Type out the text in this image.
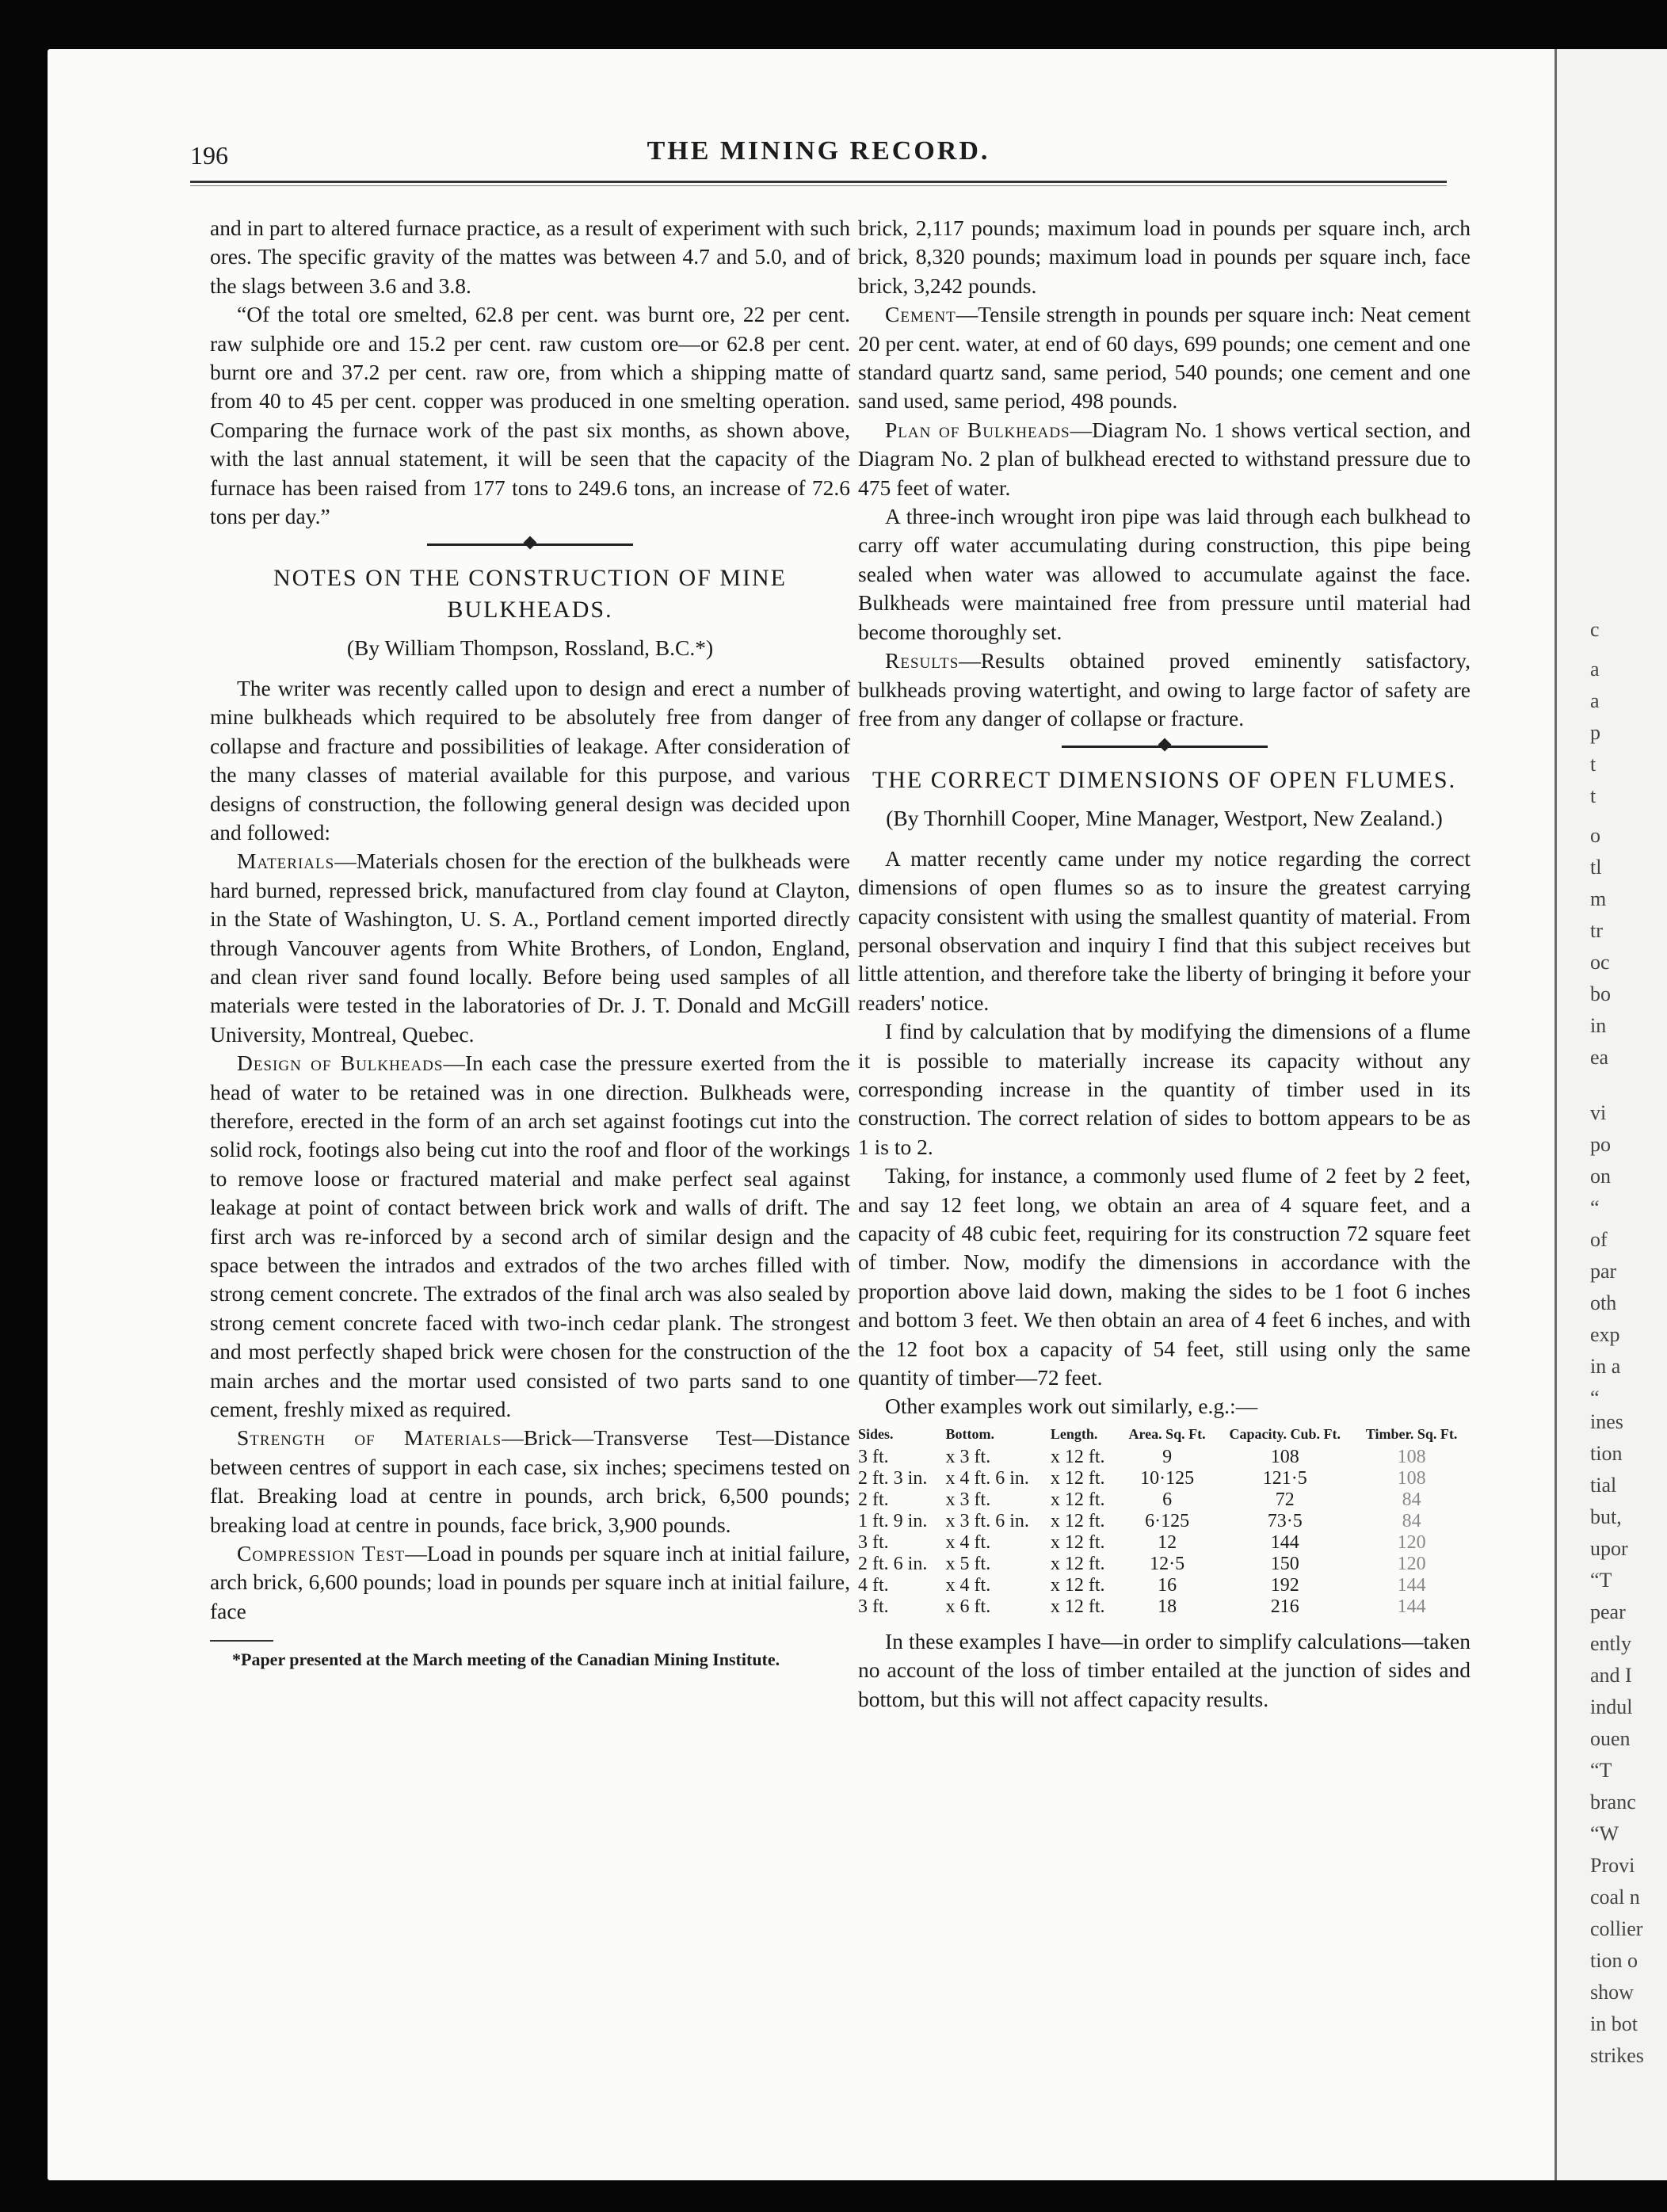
c
a
a
p
t
t
o
tl
m
tr
oc
bo
in
ea
vi
po
on
“
of
par
oth
exp
in a
“
ines
tion
tial
but,
upor
“T
pear
ently
and I
indul
ouen
“T
branc
“W
Provi
coal n
collier
tion o
show
in bot
strikes
196	THE MINING RECORD.

and in part to altered furnace practice, as a result of experiment with such ores. The specific gravity of the mattes was between 4.7 and 5.0, and of the slags between 3.6 and 3.8.

“Of the total ore smelted, 62.8 per cent. was burnt ore, 22 per cent. raw sulphide ore and 15.2 per cent. raw custom ore—or 62.8 per cent. burnt ore and 37.2 per cent. raw ore, from which a shipping matte of from 40 to 45 per cent. copper was produced in one smelting operation. Comparing the furnace work of the past six months, as shown above, with the last annual statement, it will be seen that the capacity of the furnace has been raised from 177 tons to 249.6 tons, an increase of 72.6 tons per day.”

NOTES ON THE CONSTRUCTION OF MINE BULKHEADS.
(By William Thompson, Rossland, B.C.*)

The writer was recently called upon to design and erect a number of mine bulkheads which required to be absolutely free from danger of collapse and fracture and possibilities of leakage. After consideration of the many classes of material available for this purpose, and various designs of construction, the following general design was decided upon and followed:

Materials—Materials chosen for the erection of the bulkheads were hard burned, repressed brick, manufactured from clay found at Clayton, in the State of Washington, U. S. A., Portland cement imported directly through Vancouver agents from White Brothers, of London, England, and clean river sand found locally. Before being used samples of all materials were tested in the laboratories of Dr. J. T. Donald and McGill University, Montreal, Quebec.

Design of Bulkheads—In each case the pressure exerted from the head of water to be retained was in one direction. Bulkheads were, therefore, erected in the form of an arch set against footings cut into the solid rock, footings also being cut into the roof and floor of the workings to remove loose or fractured material and make perfect seal against leakage at point of contact between brick work and walls of drift. The first arch was re-inforced by a second arch of similar design and the space between the intrados and extrados of the two arches filled with strong cement concrete. The extrados of the final arch was also sealed by strong cement concrete faced with two-inch cedar plank. The strongest and most perfectly shaped brick were chosen for the construction of the main arches and the mortar used consisted of two parts sand to one cement, freshly mixed as required.

Strength of Materials—Brick—Transverse Test—Distance between centres of support in each case, six inches; specimens tested on flat. Breaking load at centre in pounds, arch brick, 6,500 pounds; breaking load at centre in pounds, face brick, 3,900 pounds.

Compression Test—Load in pounds per square inch at initial failure, arch brick, 6,600 pounds; load in pounds per square inch at initial failure, face

*Paper presented at the March meeting of the Canadian Mining Institute.

brick, 2,117 pounds; maximum load in pounds per square inch, arch brick, 8,320 pounds; maximum load in pounds per square inch, face brick, 3,242 pounds.

Cement—Tensile strength in pounds per square inch: Neat cement 20 per cent. water, at end of 60 days, 699 pounds; one cement and one standard quartz sand, same period, 540 pounds; one cement and one sand used, same period, 498 pounds.

Plan of Bulkheads—Diagram No. 1 shows vertical section, and Diagram No. 2 plan of bulkhead erected to withstand pressure due to 475 feet of water.

A three-inch wrought iron pipe was laid through each bulkhead to carry off water accumulating during construction, this pipe being sealed when water was allowed to accumulate against the face. Bulkheads were maintained free from pressure until material had become thoroughly set.

Results—Results obtained proved eminently satisfactory, bulkheads proving watertight, and owing to large factor of safety are free from any danger of collapse or fracture.

THE CORRECT DIMENSIONS OF OPEN FLUMES.
(By Thornhill Cooper, Mine Manager, Westport, New Zealand.)

A matter recently came under my notice regarding the correct dimensions of open flumes so as to insure the greatest carrying capacity consistent with using the smallest quantity of material. From personal observation and inquiry I find that this subject receives but little attention, and therefore take the liberty of bringing it before your readers' notice.

I find by calculation that by modifying the dimensions of a flume it is possible to materially increase its capacity without any corresponding increase in the quantity of timber used in its construction. The correct relation of sides to bottom appears to be as 1 is to 2.

Taking, for instance, a commonly used flume of 2 feet by 2 feet, and say 12 feet long, we obtain an area of 4 square feet, and a capacity of 48 cubic feet, requiring for its construction 72 square feet of timber. Now, modify the dimensions in accordance with the proportion above laid down, making the sides to be 1 foot 6 inches and bottom 3 feet. We then obtain an area of 4 feet 6 inches, and with the 12 foot box a capacity of 54 feet, still using only the same quantity of timber—72 feet.

Other examples work out similarly, e.g.:—

Sides.	Bottom.	Length.	Area. Sq. Ft.	Capacity. Cub. Ft.	Timber. Sq. Ft.
3 ft.	x 3 ft.	x 12 ft.	9	108	108
2 ft. 3 in.	x 4 ft. 6 in.	x 12 ft.	10·125	121·5	108
2 ft.	x 3 ft.	x 12 ft.	6	72	84
1 ft. 9 in.	x 3 ft. 6 in.	x 12 ft.	6·125	73·5	84
3 ft.	x 4 ft.	x 12 ft.	12	144	120
2 ft. 6 in.	x 5 ft.	x 12 ft.	12·5	150	120
4 ft.	x 4 ft.	x 12 ft.	16	192	144
3 ft.	x 6 ft.	x 12 ft.	18	216	144

In these examples I have—in order to simplify calculations—taken no account of the loss of timber entailed at the junction of sides and bottom, but this will not affect capacity results.
